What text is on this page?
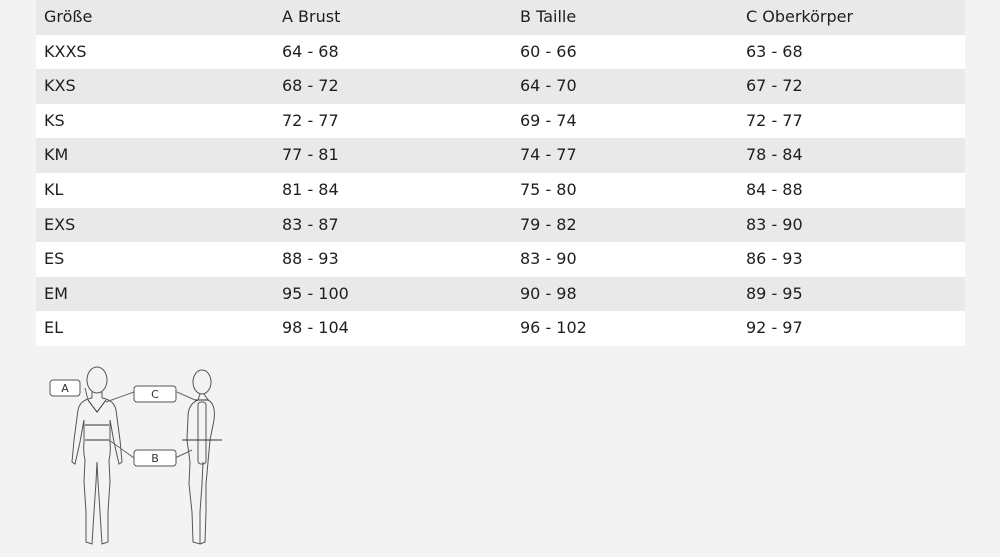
Größe	A Brust	B Taille	C Oberkörper
KXXS	64 - 68	60 - 66	63 - 68
KXS	68 - 72	64 - 70	67 - 72
KS	72 - 77	69 - 74	72 - 77
KM	77 - 81	74 - 77	78 - 84
KL	81 - 84	75 - 80	84 - 88
EXS	83 - 87	79 - 82	83 - 90
ES	88 - 93	83 - 90	86 - 93
EM	95 - 100	90 - 98	89 - 95
EL	98 - 104	96 - 102	92 - 97
A	C
B
